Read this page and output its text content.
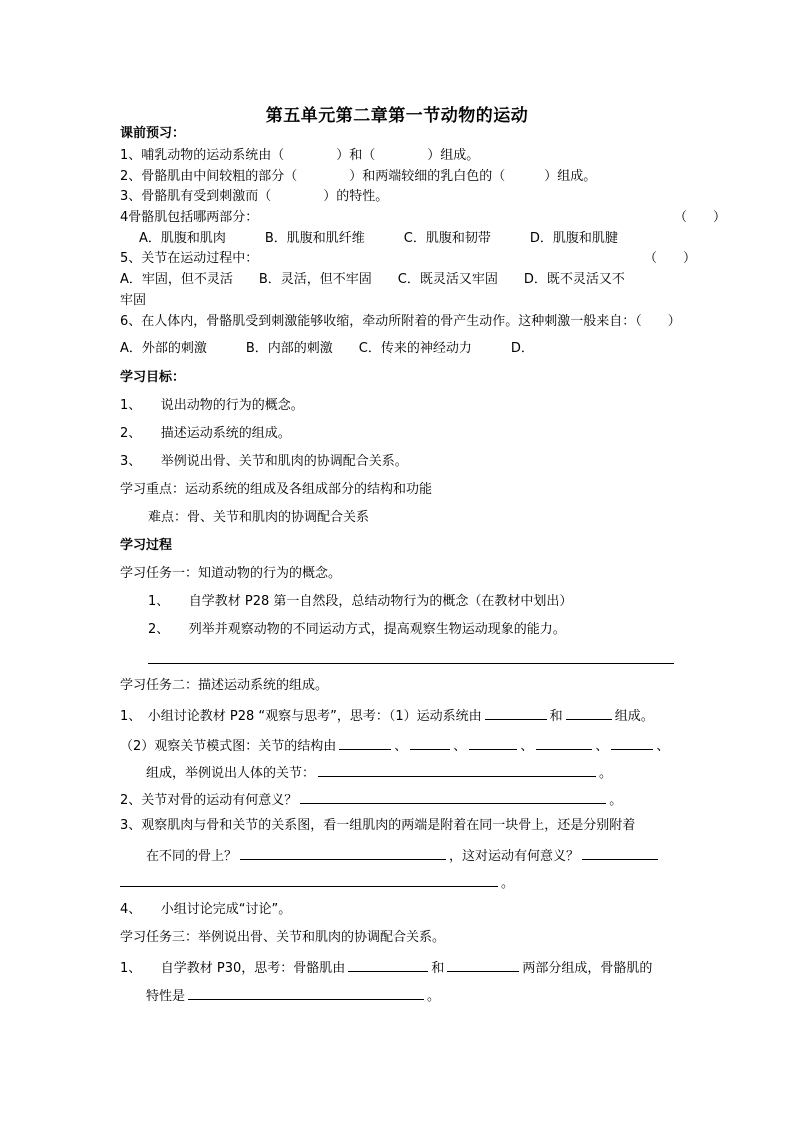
第五单元第二章第一节动物的运动
课前预习：
1、哺乳动物的运动系统由（　　　　）和（　　　　）组成。
2、骨骼肌由中间较粗的部分（　　　　）和两端较细的乳白色的（　　　）组成。
3、骨骼肌有受到刺激而（　　　　）的特性。
4骨骼肌包括哪两部分：	（　　）
A．肌腹和肌肉　　　B．肌腹和肌纤维　　　C．肌腹和韧带　　　D．肌腹和肌腱
5、关节在运动过程中：	（　　）
A．牢固，但不灵活　　B．灵活，但不牢固　　C．既灵活又牢固　　D．既不灵活又不
牢固
6、在人体内，骨骼肌受到刺激能够收缩，牵动所附着的骨产生动作。这种刺激一般来自：（　　）
A．外部的刺激　　　B．内部的刺激　　C．传来的神经动力　　　D．
学习目标：
1、　　说出动物的行为的概念。
2、　　描述运动系统的组成。
3、　　举例说出骨、关节和肌肉的协调配合关系。
学习重点：运动系统的组成及各组成部分的结构和功能
难点：骨、关节和肌肉的协调配合关系
学习过程
学习任务一：知道动物的行为的概念。
1、　　自学教材 P28 第一自然段，总结动物行为的概念（在教材中划出）
2、　　列举并观察动物的不同运动方式，提高观察生物运动现象的能力。
学习任务二：描述运动系统的组成。
1、　小组讨论教材 P28 “观察与思考”，思考：（1）运动系统由	和	组成。
（2）观察关节模式图：关节的结构由	、	、	、	、	、
组成，举例说出人体的关节：	。
2、关节对骨的运动有何意义？	。
3、观察肌肉与骨和关节的关系图，看一组肌肉的两端是附着在同一块骨上，还是分别附着
在不同的骨上？	，这对运动有何意义？
。
4、　　小组讨论完成“讨论”。
学习任务三：举例说出骨、关节和肌肉的协调配合关系。
1、　　自学教材 P30，思考：骨骼肌由	和	两部分组成，骨骼肌的
特性是	。
